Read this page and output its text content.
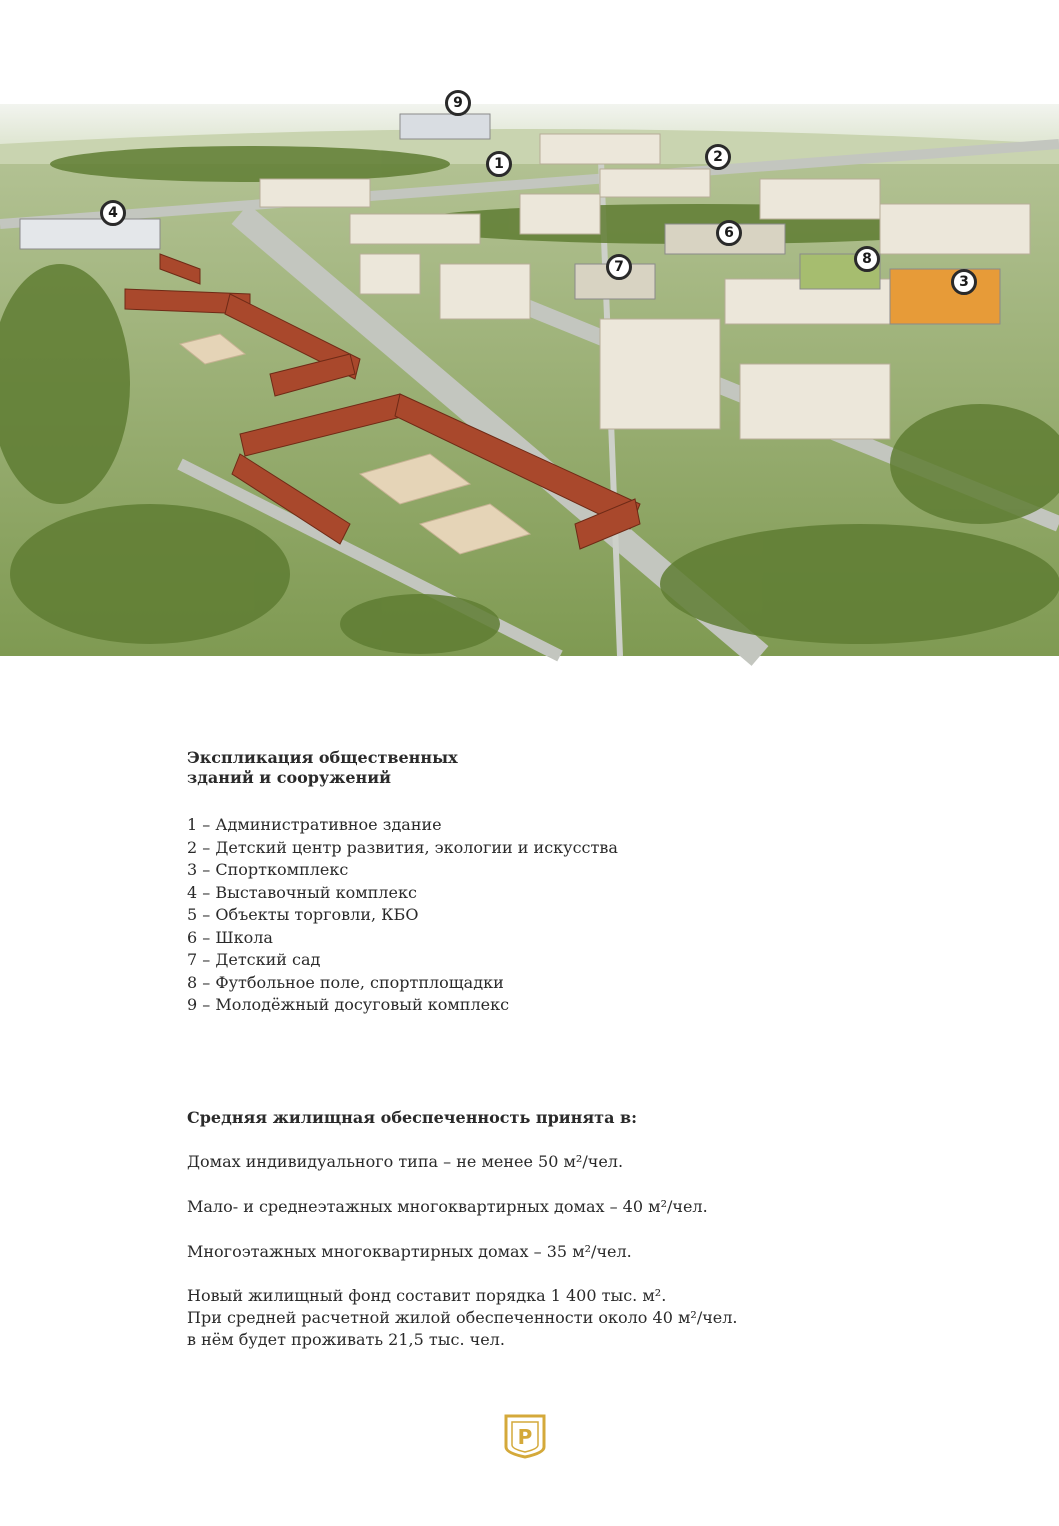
9
1	2
4
6
8
7
3

Экспликация общественных
зданий и сооружений

1 – Административное здание
2 – Детский центр развития, экологии и искусства
3 – Спорткомплекс
4 – Выставочный комплекс
5 – Объекты торговли, КБО
6 – Школа
7 – Детский сад
8 – Футбольное поле, спортплощадки
9 – Молодёжный досуговый комплекс

Средняя жилищная обеспеченность принята в:

Домах индивидуального типа – не менее 50 м²/чел.

Мало- и среднеэтажных многоквартирных домах – 40 м²/чел.

Многоэтажных многоквартирных домах – 35 м²/чел.

Новый жилищный фонд составит порядка 1 400 тыс. м².

При средней расчетной жилой обеспеченности около 40 м²/чел.

в нём будет проживать 21,5 тыс. чел.

Р
